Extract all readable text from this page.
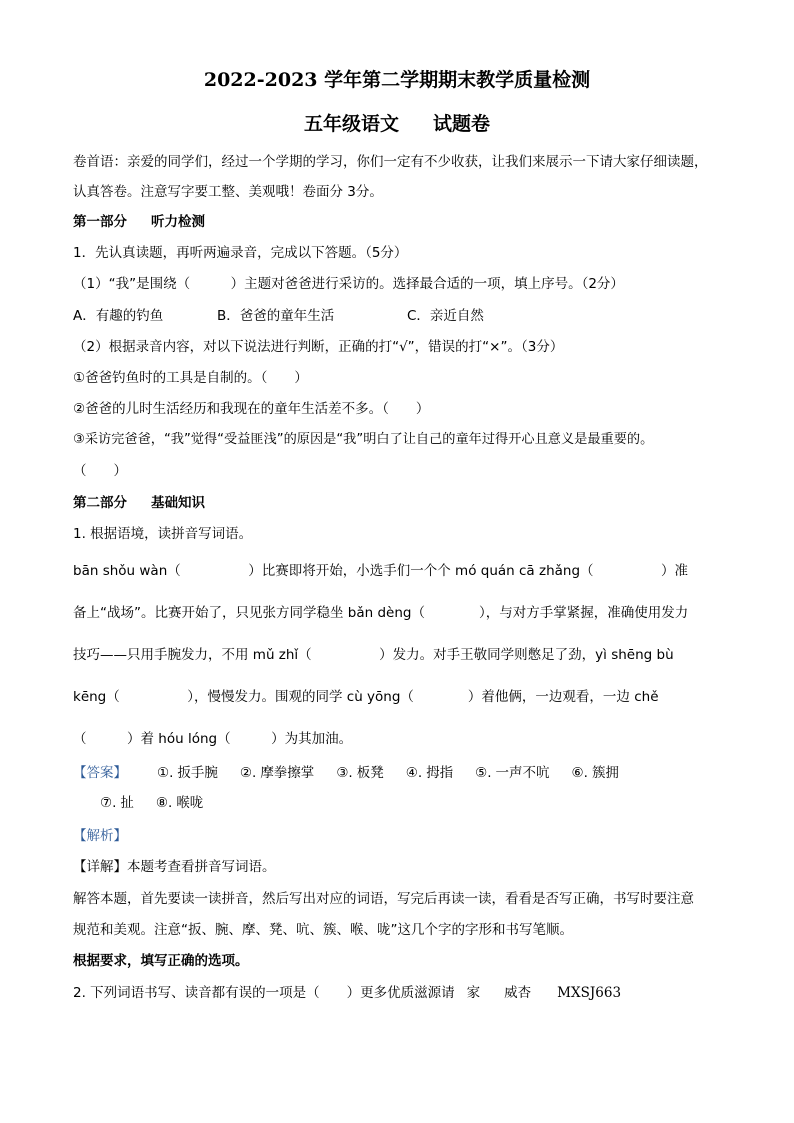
2022-2023 学年第二学期期末教学质量检测
五年级语文 试题卷
卷首语：亲爱的同学们，经过一个学期的学习，你们一定有不少收获，让我们来展示一下请大家仔细读题，
认真答卷。注意写字要工整、美观哦！卷面分 3分。
第一部分 听力检测
1．先认真读题，再听两遍录音，完成以下答题。（5分）
（1）“我”是围绕（　　　）主题对爸爸进行采访的。选择最合适的一项，填上序号。（2分）
A．有趣的钓鱼	B．爸爸的童年生活	C．亲近自然
（2）根据录音内容，对以下说法进行判断，正确的打“√”，错误的打“×”。（3分）
①爸爸钓鱼时的工具是自制的。（　　）
②爸爸的儿时生活经历和我现在的童年生活差不多。（　　）
③采访完爸爸，“我”觉得“受益匪浅”的原因是“我”明白了让自己的童年过得开心且意义是最重要的。
（　　）
第二部分 基础知识
1. 根据语境，读拼音写词语。
bān shǒu wàn（　　　　　）比赛即将开始，小选手们一个个 mó quán cā zhǎng（　　　　　）准
备上“战场”。比赛开始了，只见张方同学稳坐 bǎn dèng（　　　　），与对方手掌紧握，准确使用发力
技巧——只用手腕发力，不用 mǔ zhǐ（　　　　　）发力。对手王敬同学则憋足了劲，yì shēng bù
kēng（　　　　　），慢慢发力。围观的同学 cù yōng（　　　　）着他俩，一边观看，一边 chě
（　　　）着 hóu lóng（　　　）为其加油。
【答案】 ①. 扳手腕 ②. 摩拳擦掌 ③. 板凳 ④. 拇指 ⑤. 一声不吭 ⑥. 簇拥
⑦. 扯 ⑧. 喉咙
【解析】
【详解】本题考查看拼音写词语。
解答本题，首先要读一读拼音，然后写出对应的词语，写完后再读一读，看看是否写正确，书写时要注意
规范和美观。注意“扳、腕、摩、凳、吭、簇、喉、咙”这几个字的字形和书写笔顺。
根据要求，填写正确的选项。
2. 下列词语书写、读音都有误的一项是（　　）更多优质滋源请 家 威杏 MXSJ663
